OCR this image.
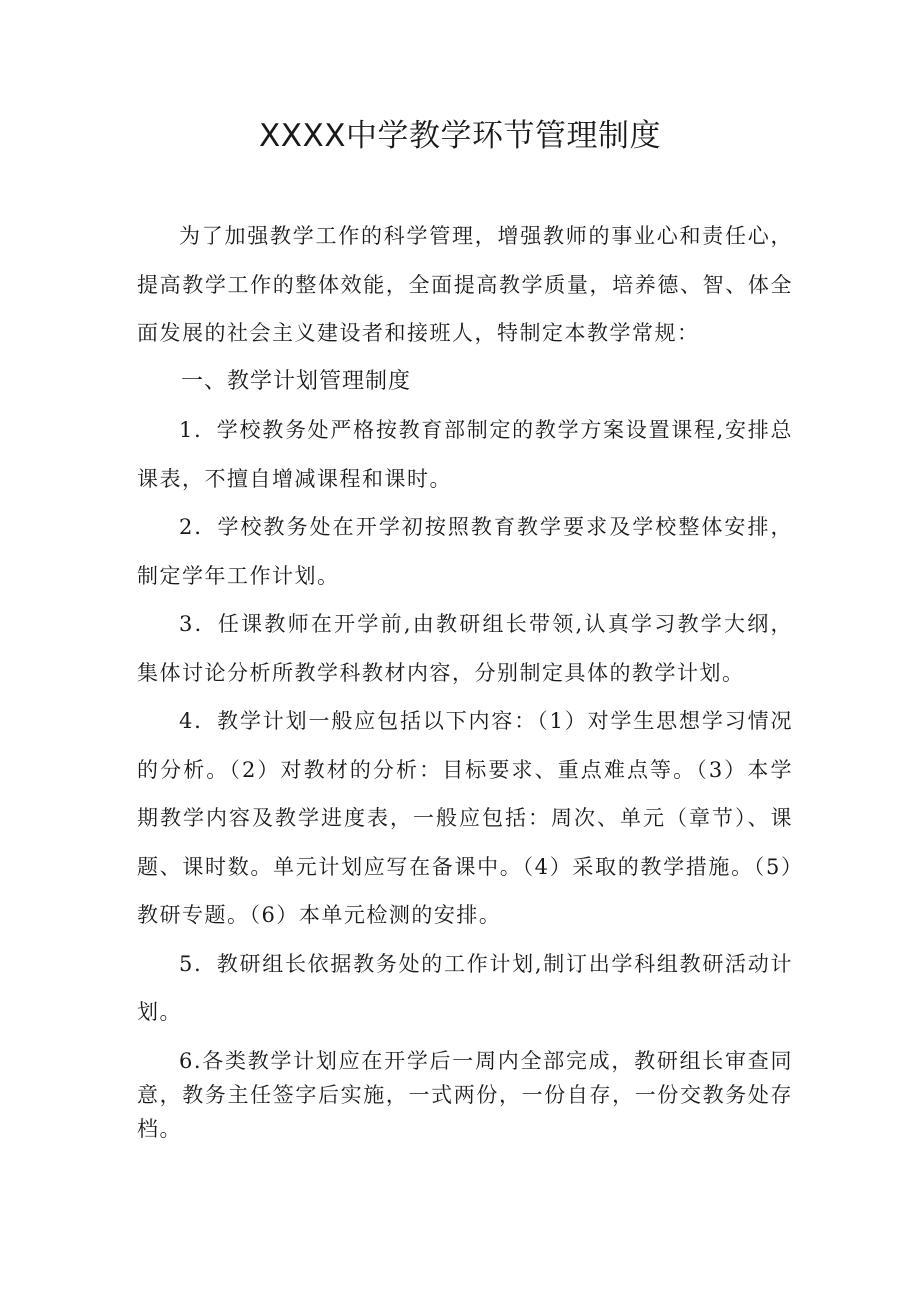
XXXX中学教学环节管理制度

为了加强教学工作的科学管理，增强教师的事业心和责任心，提高教学工作的整体效能，全面提高教学质量，培养德、智、体全面发展的社会主义建设者和接班人，特制定本教学常规：

一、教学计划管理制度

1．学校教务处严格按教育部制定的教学方案设置课程,安排总课表，不擅自增减课程和课时。

2．学校教务处在开学初按照教育教学要求及学校整体安排，制定学年工作计划。

3．任课教师在开学前,由教研组长带领,认真学习教学大纲，集体讨论分析所教学科教材内容，分别制定具体的教学计划。

4．教学计划一般应包括以下内容：（1）对学生思想学习情况的分析。（2）对教材的分析：目标要求、重点难点等。（3）本学期教学内容及教学进度表，一般应包括：周次、单元（章节）、课题、课时数。单元计划应写在备课中。（4）采取的教学措施。（5）教研专题。（6）本单元检测的安排。

5．教研组长依据教务处的工作计划,制订出学科组教研活动计划。

6.各类教学计划应在开学后一周内全部完成，教研组长审查同意，教务主任签字后实施，一式两份，一份自存，一份交教务处存档。
